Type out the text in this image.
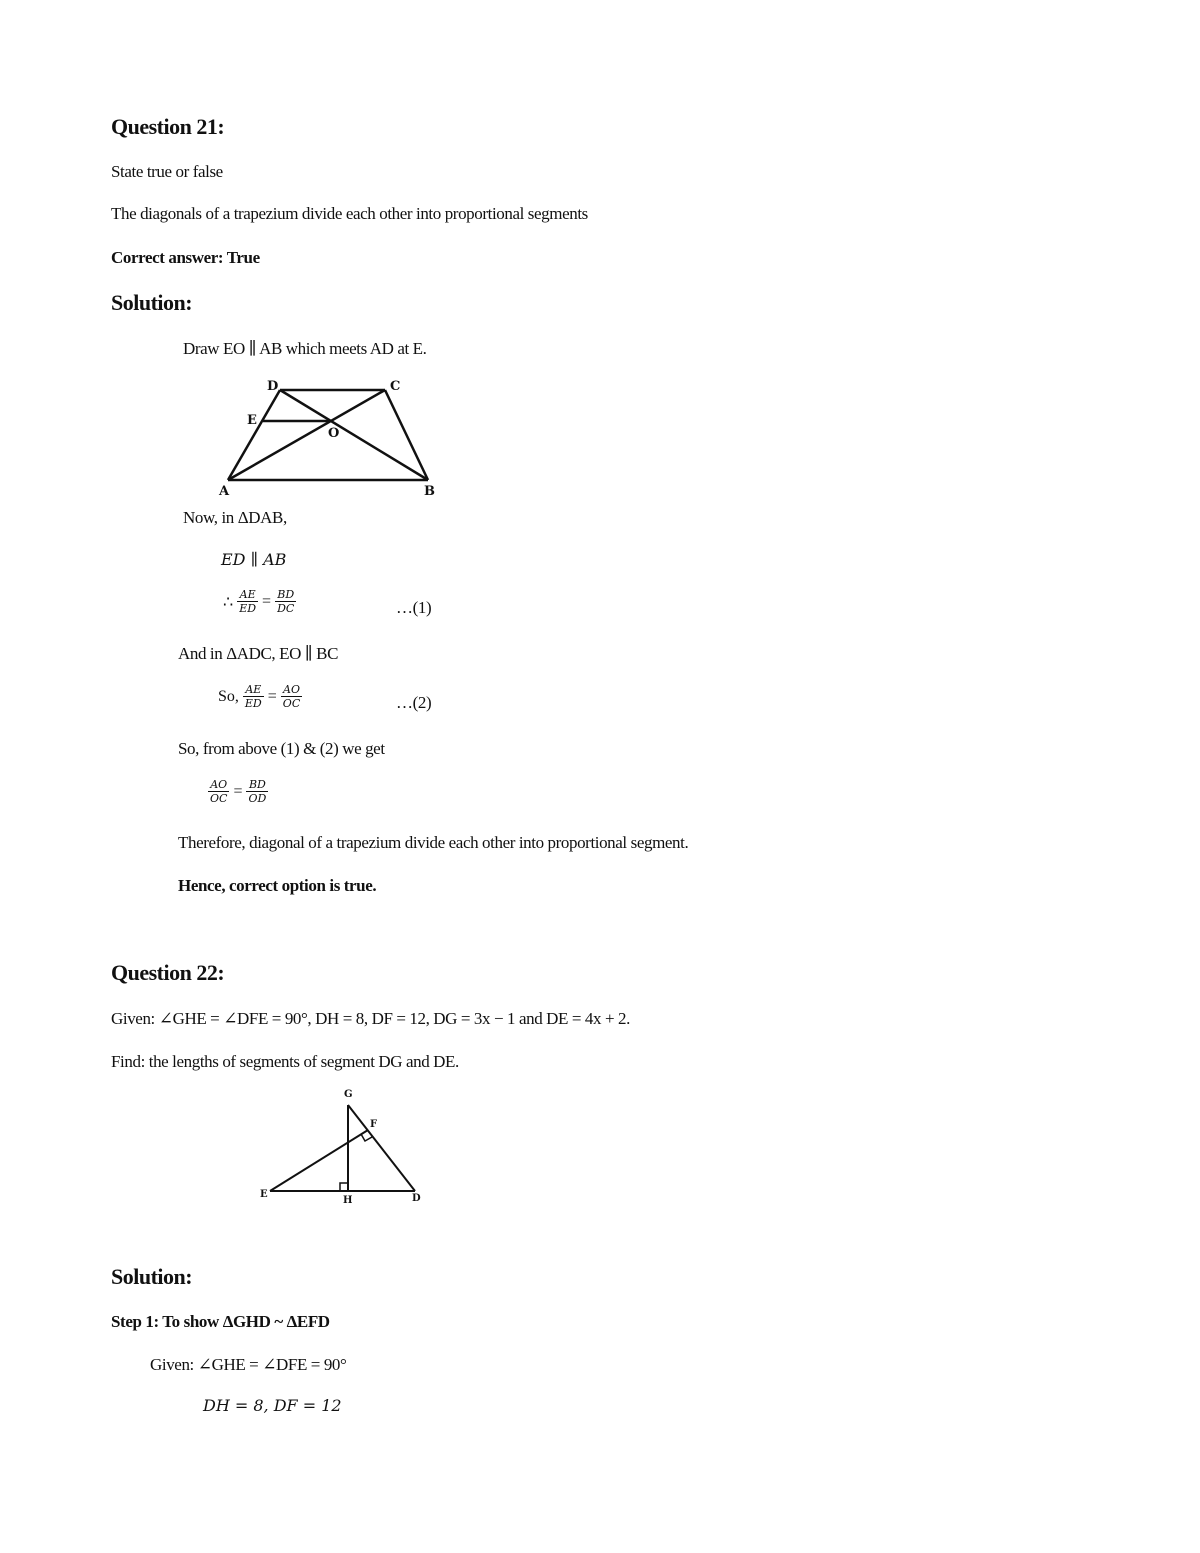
Question 21:
State true or false
The diagonals of a trapezium divide each other into proportional segments
Correct answer: True
Solution:
Draw EO ∥ AB which meets AD at E.
D	C
E
O
A	B
Now, in ΔDAB,
ED ∥ AB
∴ $\frac{AE}{ED} = \frac{BD}{DC}$	…(1)
And in ΔADC, EO ∥ BC
So, $\frac{AE}{ED} = \frac{AO}{OC}$	…(2)
So, from above (1) & (2) we get
$\frac{AO}{OC} = \frac{BD}{OD}$
Therefore, diagonal of a trapezium divide each other into proportional segment.
Hence, correct option is true.
Question 22:
Given: ∠GHE = ∠DFE = 90°, DH = 8, DF = 12, DG = 3x − 1 and DE = 4x + 2.
Find: the lengths of segments of segment DG and DE.
G
F
E
H	D
Solution:
Step 1: To show ΔGHD ~ ΔEFD
Given: ∠GHE = ∠DFE = 90°
DH = 8, DF = 12
